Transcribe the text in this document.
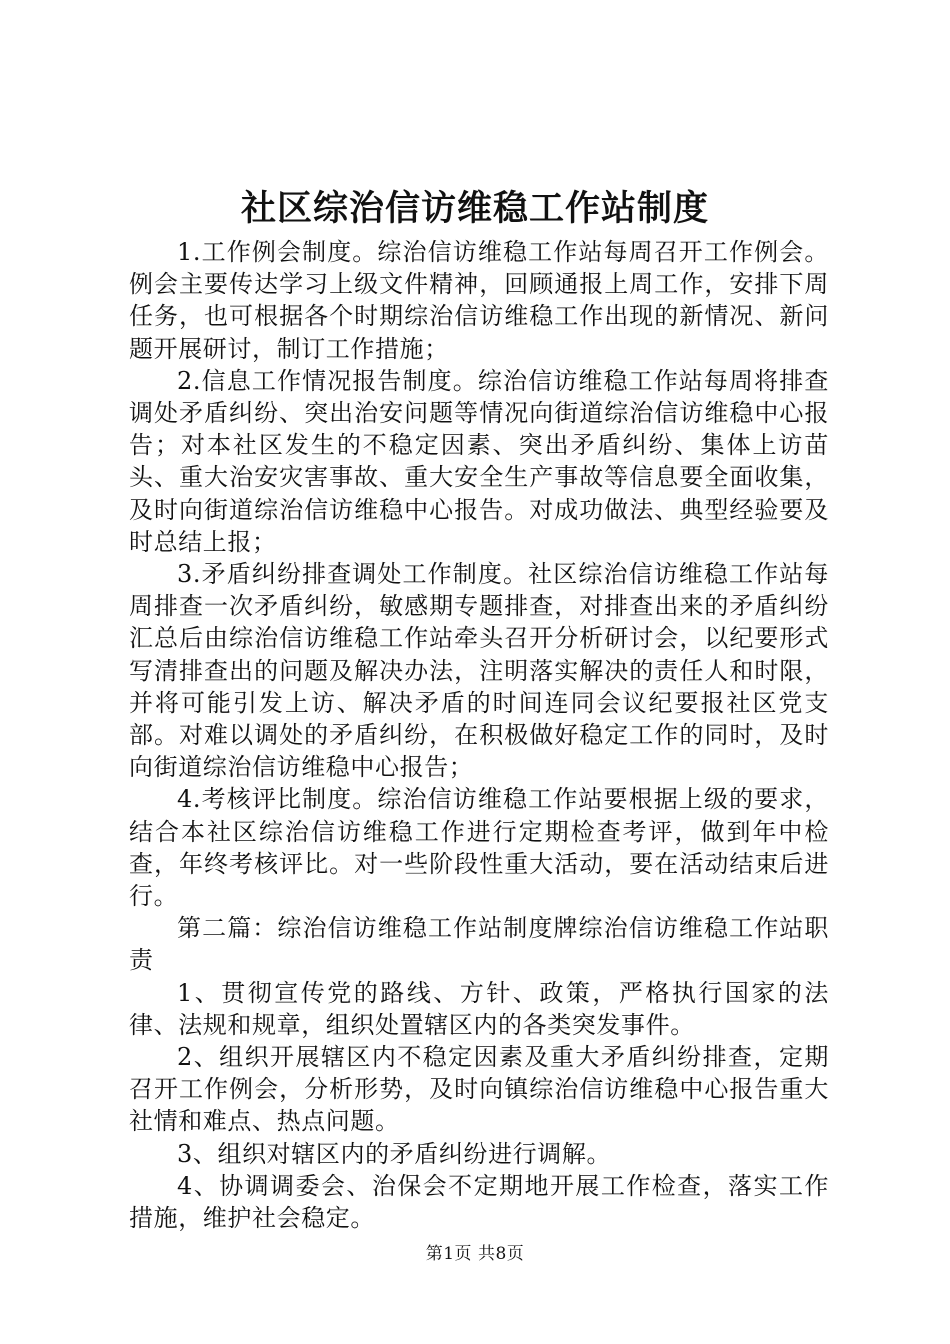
社区综治信访维稳工作站制度

1.工作例会制度。综治信访维稳工作站每周召开工作例会。例会主要传达学习上级文件精神，回顾通报上周工作，安排下周任务，也可根据各个时期综治信访维稳工作出现的新情况、新问题开展研讨，制订工作措施；

2.信息工作情况报告制度。综治信访维稳工作站每周将排查调处矛盾纠纷、突出治安问题等情况向街道综治信访维稳中心报告；对本社区发生的不稳定因素、突出矛盾纠纷、集体上访苗头、重大治安灾害事故、重大安全生产事故等信息要全面收集，及时向街道综治信访维稳中心报告。对成功做法、典型经验要及时总结上报；

3.矛盾纠纷排查调处工作制度。社区综治信访维稳工作站每周排查一次矛盾纠纷，敏感期专题排查，对排查出来的矛盾纠纷汇总后由综治信访维稳工作站牵头召开分析研讨会，以纪要形式写清排查出的问题及解决办法，注明落实解决的责任人和时限，并将可能引发上访、解决矛盾的时间连同会议纪要报社区党支部。对难以调处的矛盾纠纷，在积极做好稳定工作的同时，及时向街道综治信访维稳中心报告；

4.考核评比制度。综治信访维稳工作站要根据上级的要求，结合本社区综治信访维稳工作进行定期检查考评，做到年中检查，年终考核评比。对一些阶段性重大活动，要在活动结束后进行。

第二篇：综治信访维稳工作站制度牌综治信访维稳工作站职责

1、贯彻宣传党的路线、方针、政策，严格执行国家的法律、法规和规章，组织处置辖区内的各类突发事件。

2、组织开展辖区内不稳定因素及重大矛盾纠纷排查，定期召开工作例会，分析形势，及时向镇综治信访维稳中心报告重大社情和难点、热点问题。

3、组织对辖区内的矛盾纠纷进行调解。

4、协调调委会、治保会不定期地开展工作检查，落实工作措施，维护社会稳定。

第1页 共8页
